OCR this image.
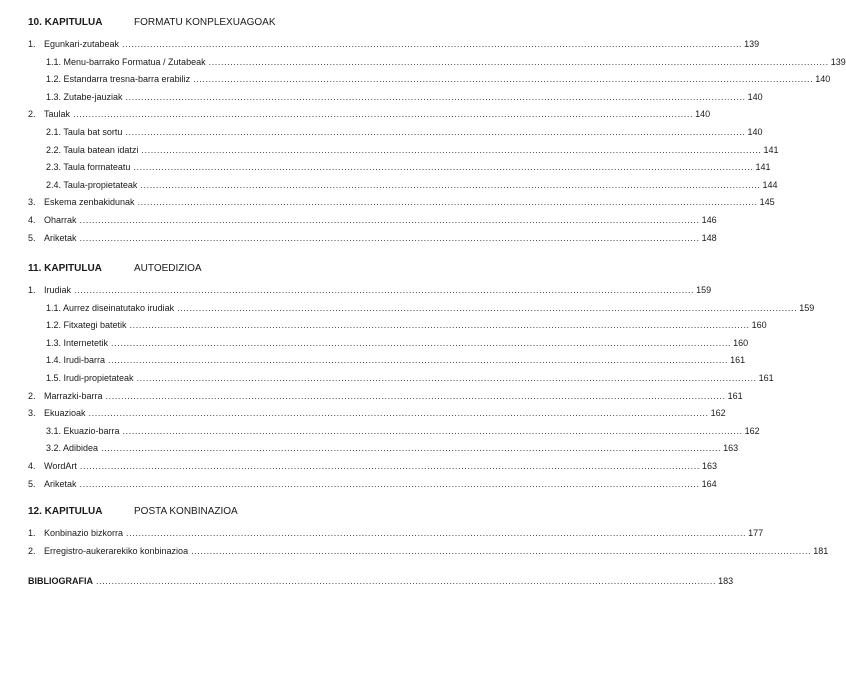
10. KAPITULUA	FORMATU KONPLEXUAGOAK
1. Egunkari-zutabeak ........................................................................................................................................................................................................ 139
1.1. Menu-barrako Formatua / Zutabeak ........................................................................................................................................................................................................ 139
1.2. Estandarra tresna-barra erabiliz ........................................................................................................................................................................................................ 140
1.3. Zutabe-jauziak ........................................................................................................................................................................................................ 140
2. Taulak ........................................................................................................................................................................................................ 140
2.1. Taula bat sortu ........................................................................................................................................................................................................ 140
2.2. Taula batean idatzi ........................................................................................................................................................................................................ 141
2.3. Taula formateatu ........................................................................................................................................................................................................ 141
2.4. Taula-propietateak ........................................................................................................................................................................................................ 144
3. Eskema zenbakidunak ........................................................................................................................................................................................................ 145
4. Oharrak ........................................................................................................................................................................................................ 146
5. Ariketak ........................................................................................................................................................................................................ 148
11. KAPITULUA	AUTOEDIZIOA
1. Irudiak ........................................................................................................................................................................................................ 159
1.1. Aurrez diseinatutako irudiak ........................................................................................................................................................................................................ 159
1.2. Fitxategi batetik ........................................................................................................................................................................................................ 160
1.3. Internetetik ........................................................................................................................................................................................................ 160
1.4. Irudi-barra ........................................................................................................................................................................................................ 161
1.5. Irudi-propietateak ........................................................................................................................................................................................................ 161
2. Marrazki-barra ........................................................................................................................................................................................................ 161
3. Ekuazioak ........................................................................................................................................................................................................ 162
3.1. Ekuazio-barra ........................................................................................................................................................................................................ 162
3.2. Adibidea ........................................................................................................................................................................................................ 163
4. WordArt ........................................................................................................................................................................................................ 163
5. Ariketak ........................................................................................................................................................................................................ 164
12. KAPITULUA	POSTA KONBINAZIOA
1. Konbinazio bizkorra ........................................................................................................................................................................................................ 177
2. Erregistro-aukerarekiko konbinazioa ........................................................................................................................................................................................................ 181
BIBLIOGRAFIA ........................................................................................................................................................................................................ 183
